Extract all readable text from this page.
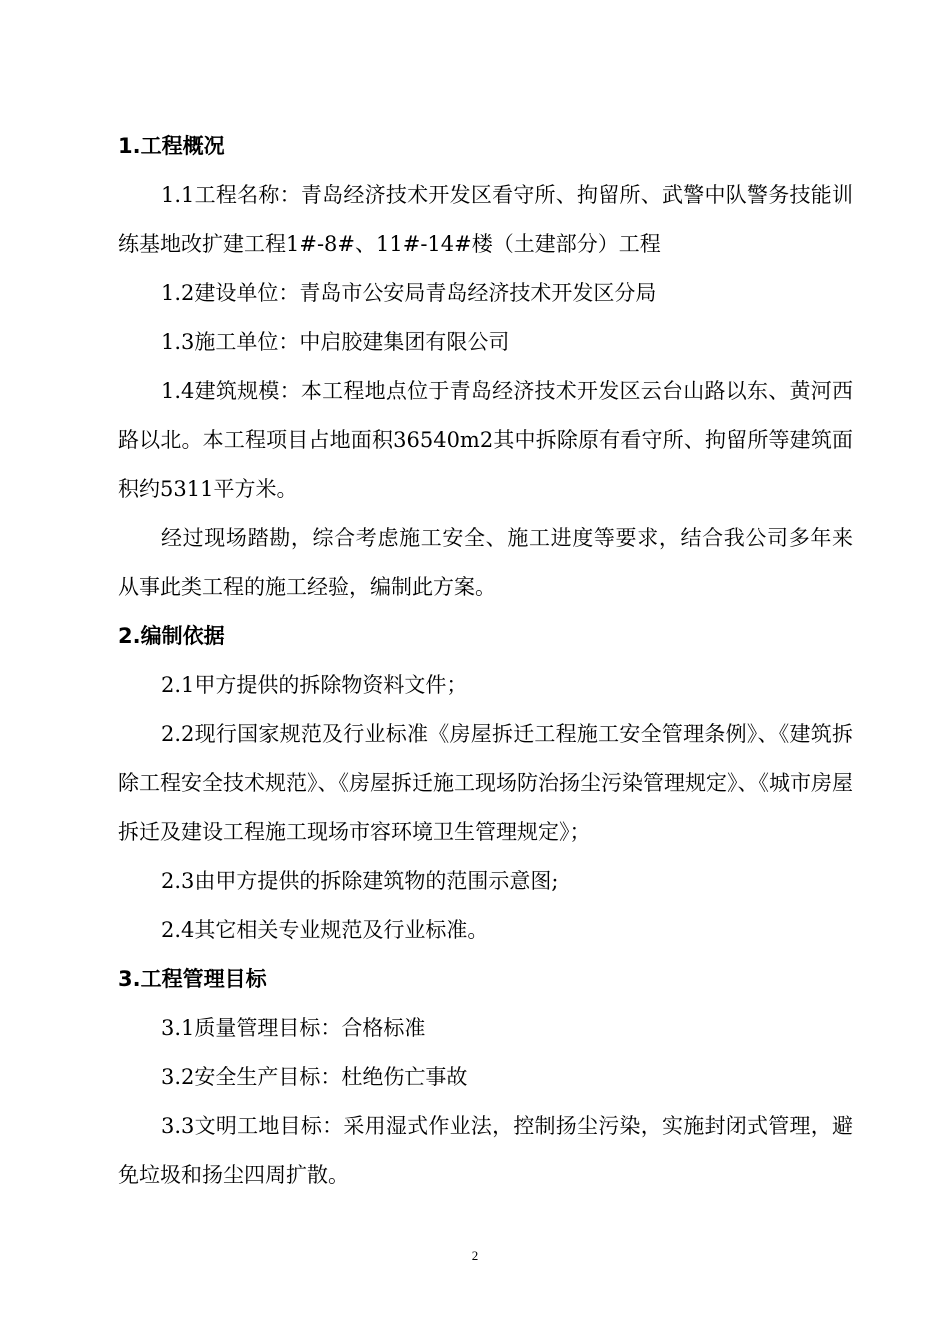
1.工程概况

1.1工程名称：青岛经济技术开发区看守所、拘留所、武警中队警务技能训练基地改扩建工程1#-8#、11#-14#楼（土建部分）工程

1.2建设单位：青岛市公安局青岛经济技术开发区分局

1.3施工单位：中启胶建集团有限公司

1.4建筑规模：本工程地点位于青岛经济技术开发区云台山路以东、黄河西路以北。本工程项目占地面积36540m2其中拆除原有看守所、拘留所等建筑面积约5311平方米。

经过现场踏勘，综合考虑施工安全、施工进度等要求，结合我公司多年来从事此类工程的施工经验，编制此方案。

2.编制依据

2.1甲方提供的拆除物资料文件；

2.2现行国家规范及行业标准《房屋拆迁工程施工安全管理条例》、《建筑拆除工程安全技术规范》、《房屋拆迁施工现场防治扬尘污染管理规定》、《城市房屋拆迁及建设工程施工现场市容环境卫生管理规定》；

2.3由甲方提供的拆除建筑物的范围示意图;

2.4其它相关专业规范及行业标准。

3.工程管理目标

3.1质量管理目标：合格标准

3.2安全生产目标：杜绝伤亡事故

3.3文明工地目标：采用湿式作业法，控制扬尘污染，实施封闭式管理，避免垃圾和扬尘四周扩散。

2
